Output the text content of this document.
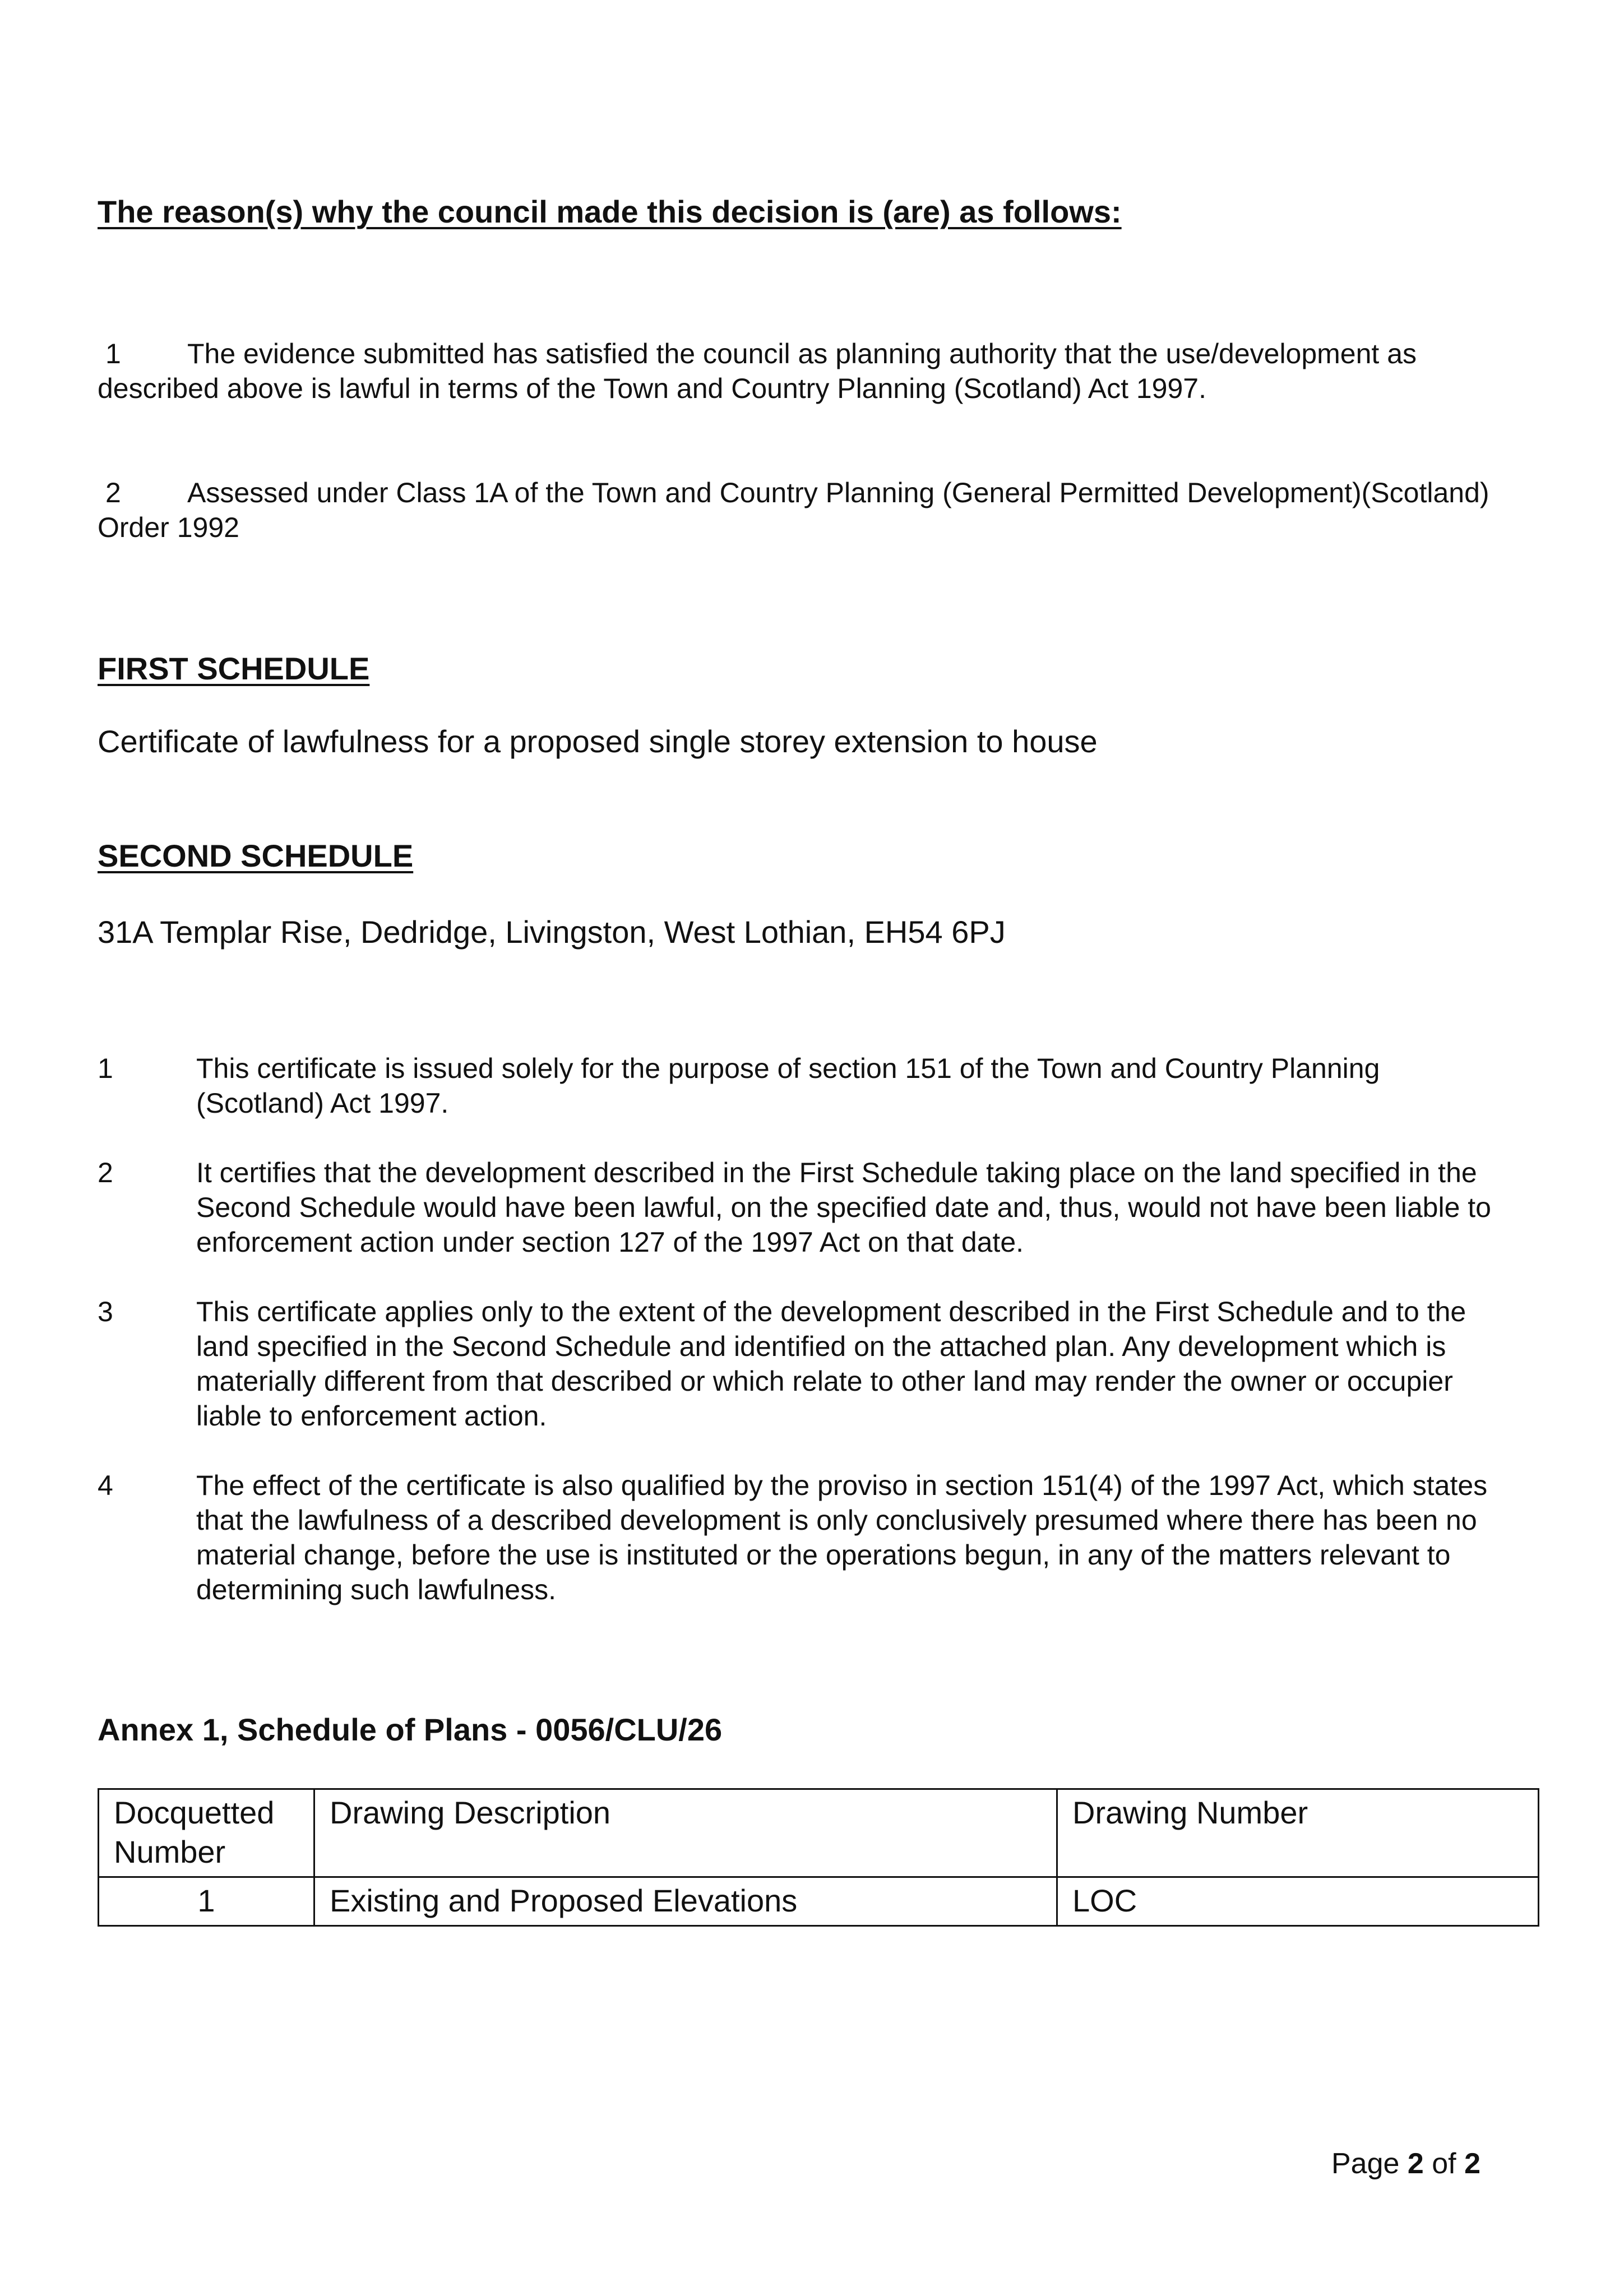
The reason(s) why the council made this decision is (are) as follows:
1 The evidence submitted has satisfied the council as planning authority that the use/development as described above is lawful in terms of the Town and Country Planning (Scotland) Act 1997.
2 Assessed under Class 1A of the Town and Country Planning (General Permitted Development)(Scotland) Order 1992
FIRST SCHEDULE
Certificate of lawfulness for a proposed single storey extension to house
SECOND SCHEDULE
31A Templar Rise, Dedridge, Livingston, West Lothian, EH54 6PJ
1	This certificate is issued solely for the purpose of section 151 of the Town and Country Planning (Scotland) Act 1997.
2	It certifies that the development described in the First Schedule taking place on the land specified in the Second Schedule would have been lawful, on the specified date and, thus, would not have been liable to enforcement action under section 127 of the 1997 Act on that date.
3	This certificate applies only to the extent of the development described in the First Schedule and to the land specified in the Second Schedule and identified on the attached plan. Any development which is materially different from that described or which relate to other land may render the owner or occupier liable to enforcement action.
4	The effect of the certificate is also qualified by the proviso in section 151(4) of the 1997 Act, which states that the lawfulness of a described development is only conclusively presumed where there has been no material change, before the use is instituted or the operations begun, in any of the matters relevant to determining such lawfulness.
Annex 1, Schedule of Plans - 0056/CLU/26
Docquetted Number	Drawing Description	Drawing Number
1	Existing and Proposed Elevations	LOC
Page 2 of 2
